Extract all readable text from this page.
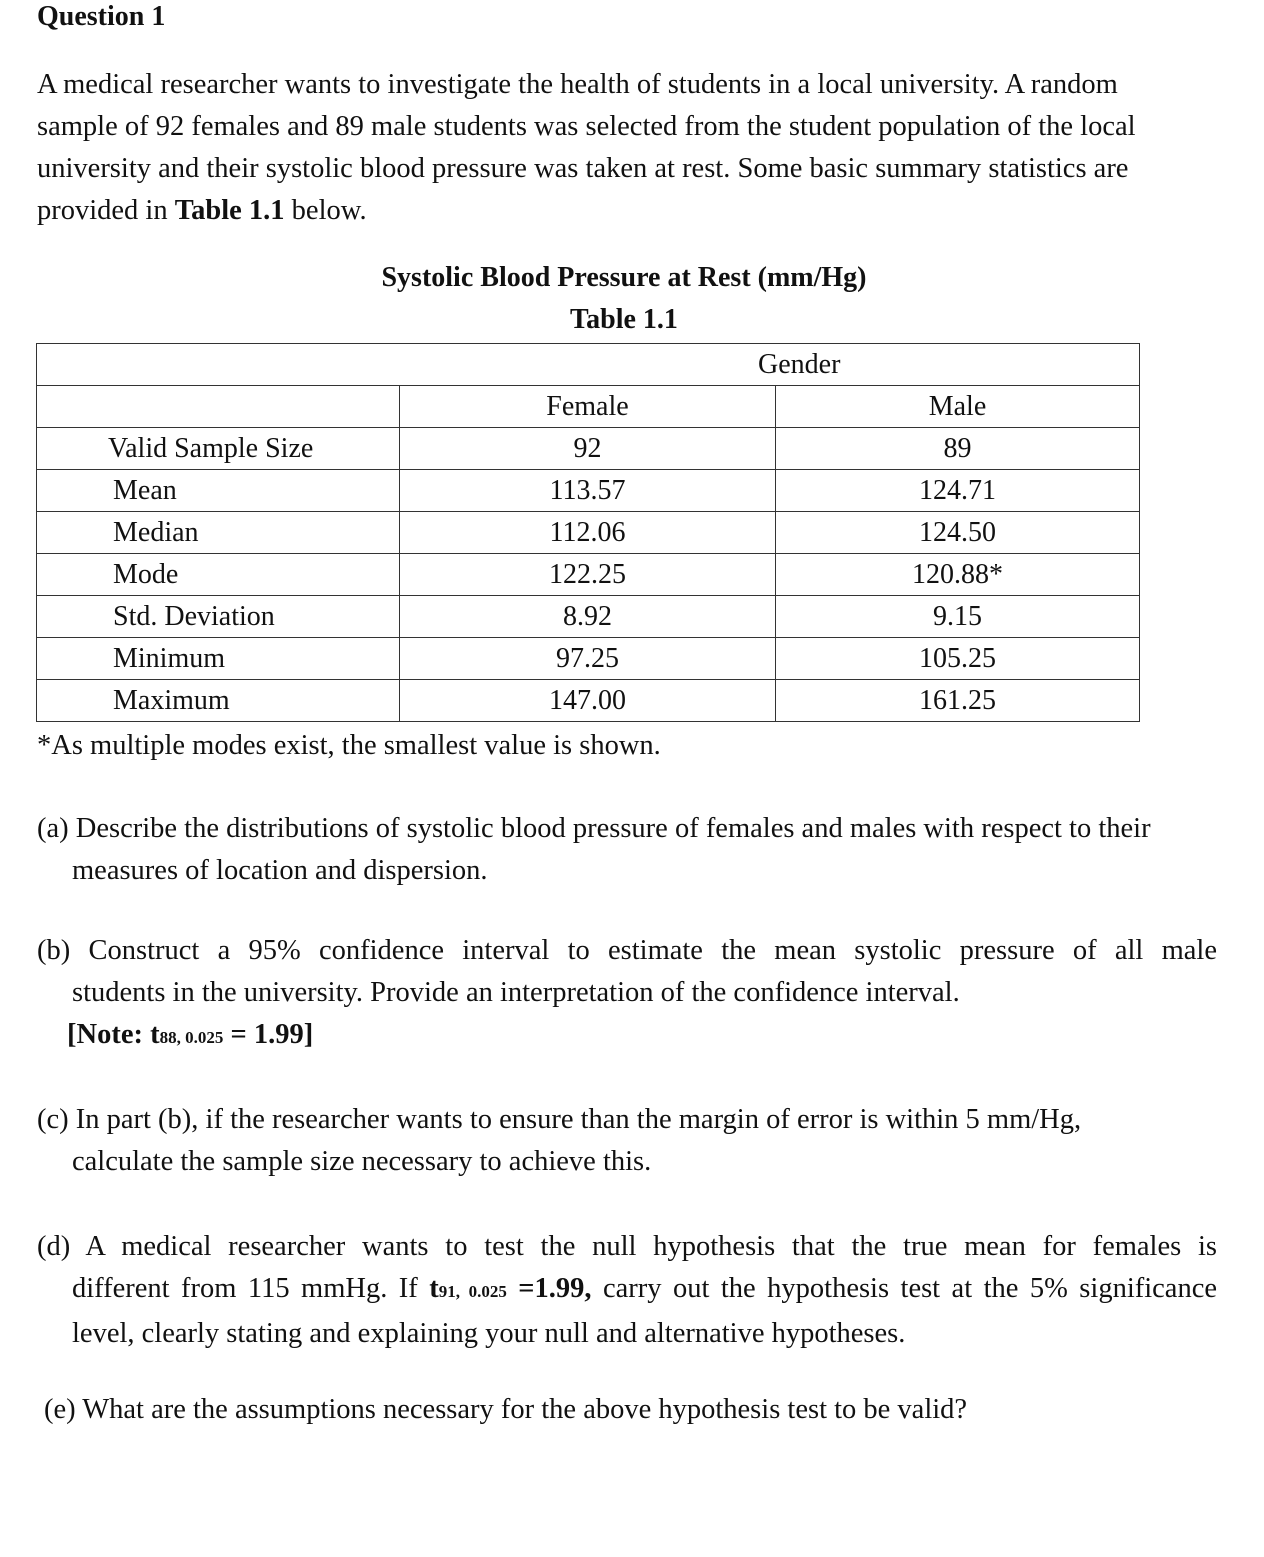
Question 1

A medical researcher wants to investigate the health of students in a local university. A random

sample of 92 females and 89 male students was selected from the student population of the local

university and their systolic blood pressure was taken at rest. Some basic summary statistics are

provided in Table 1.1 below.

Systolic Blood Pressure at Rest (mm/Hg)
Table 1.1
Gender		
	Female	Male
Valid Sample Size	92	89
Mean	113.57	124.71
Median	112.06	124.50
Mode	122.25	120.88*
Std. Deviation	8.92	9.15
Minimum	97.25	105.25
Maximum	147.00	161.25
*As multiple modes exist, the smallest value is shown.
(a) Describe the distributions of systolic blood pressure of females and males with respect to their
measures of location and dispersion.
(b) Construct a 95% confidence interval to estimate the mean systolic pressure of all male
students in the university. Provide an interpretation of the confidence interval.
[Note: t88, 0.025 = 1.99]
(c) In part (b), if the researcher wants to ensure than the margin of error is within 5 mm/Hg,
calculate the sample size necessary to achieve this.
(d) A medical researcher wants to test the null hypothesis that the true mean for females is
different from 115 mmHg. If t91, 0.025 =1.99, carry out the hypothesis test at the 5% significance
level, clearly stating and explaining your null and alternative hypotheses.
(e) What are the assumptions necessary for the above hypothesis test to be valid?
